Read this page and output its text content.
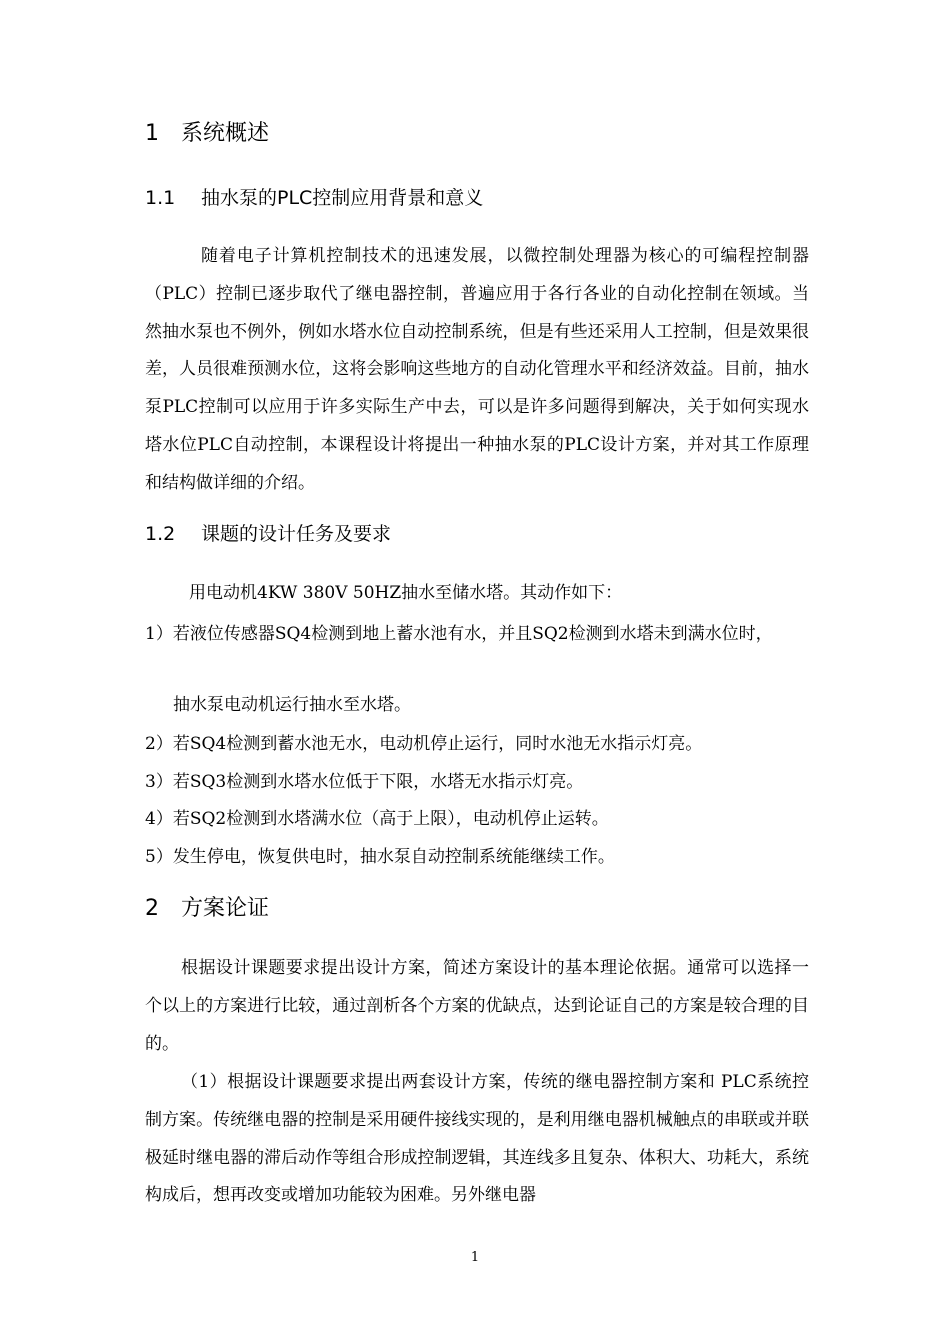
1 系统概述
1.1 抽水泵的PLC控制应用背景和意义

随着电子计算机控制技术的迅速发展，以微控制处理器为核心的可编程控制器（PLC）控制已逐步取代了继电器控制，普遍应用于各行各业的自动化控制在领域。当然抽水泵也不例外，例如水塔水位自动控制系统，但是有些还采用人工控制，但是效果很差，人员很难预测水位，这将会影响这些地方的自动化管理水平和经济效益。目前，抽水泵PLC控制可以应用于许多实际生产中去，可以是许多问题得到解决，关于如何实现水塔水位PLC自动控制，本课程设计将提出一种抽水泵的PLC设计方案，并对其工作原理和结构做详细的介绍。

1.2 课题的设计任务及要求

用电动机4KW 380V 50HZ抽水至储水塔。其动作如下：

1）若液位传感器SQ4检测到地上蓄水池有水，并且SQ2检测到水塔未到满水位时，

抽水泵电动机运行抽水至水塔。

2）若SQ4检测到蓄水池无水，电动机停止运行，同时水池无水指示灯亮。

3）若SQ3检测到水塔水位低于下限，水塔无水指示灯亮。

4）若SQ2检测到水塔满水位（高于上限），电动机停止运转。

5）发生停电，恢复供电时，抽水泵自动控制系统能继续工作。

2 方案论证

根据设计课题要求提出设计方案，简述方案设计的基本理论依据。通常可以选择一个以上的方案进行比较，通过剖析各个方案的优缺点，达到论证自己的方案是较合理的目的。

（1）根据设计课题要求提出两套设计方案，传统的继电器控制方案和 PLC系统控制方案。传统继电器的控制是采用硬件接线实现的，是利用继电器机械触点的串联或并联极延时继电器的滞后动作等组合形成控制逻辑，其连线多且复杂、体积大、功耗大，系统构成后，想再改变或增加功能较为困难。另外继电器

1
